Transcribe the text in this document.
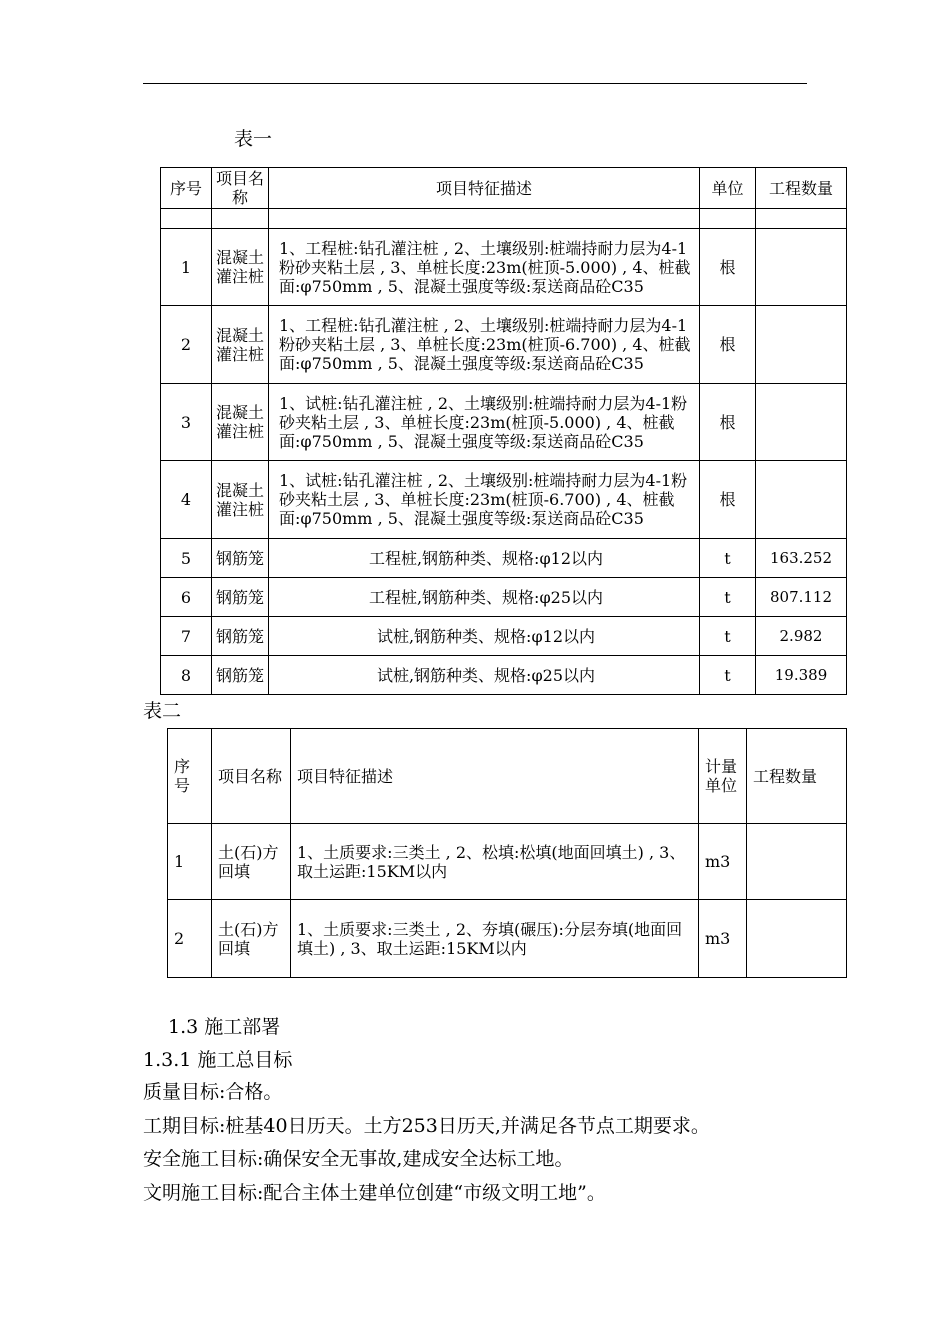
表一
序号	项目名称	项目特征描述	单位	工程数量

1	混凝土灌注桩	1、工程桩:钻孔灌注桩 , 2、土壤级别:桩端持耐力层为4-1粉砂夹粘土层 , 3、单桩长度:23m(桩顶-5.000) , 4、桩截面:φ750mm , 5、混凝土强度等级:泵送商品砼C35	根	
2	混凝土灌注桩	1、工程桩:钻孔灌注桩 , 2、土壤级别:桩端持耐力层为4-1粉砂夹粘土层 , 3、单桩长度:23m(桩顶-6.700) , 4、桩截面:φ750mm , 5、混凝土强度等级:泵送商品砼C35	根	
3	混凝土灌注桩	1、试桩:钻孔灌注桩 , 2、土壤级别:桩端持耐力层为4-1粉砂夹粘土层 , 3、单桩长度:23m(桩顶-5.000) , 4、桩截面:φ750mm , 5、混凝土强度等级:泵送商品砼C35	根	
4	混凝土灌注桩	1、试桩:钻孔灌注桩 , 2、土壤级别:桩端持耐力层为4-1粉砂夹粘土层 , 3、单桩长度:23m(桩顶-6.700) , 4、桩截面:φ750mm , 5、混凝土强度等级:泵送商品砼C35	根	
5	钢筋笼	工程桩,钢筋种类、规格:φ12以内	t	163.252
6	钢筋笼	工程桩,钢筋种类、规格:φ25以内	t	807.112
7	钢筋笼	试桩,钢筋种类、规格:φ12以内	t	2.982
8	钢筋笼	试桩,钢筋种类、规格:φ25以内	t	19.389
表二
序号	项目名称	项目特征描述	计量单位	工程数量
1	土(石)方回填	1、土质要求:三类土 , 2、松填:松填(地面回填土) , 3、取土运距:15KM以内	m3	
2	土(石)方回填	1、土质要求:三类土 , 2、夯填(碾压):分层夯填(地面回填土) , 3、取土运距:15KM以内	m3	
1.3 施工部署
1.3.1 施工总目标
质量目标:合格。
工期目标:桩基40日历天。土方253日历天,并满足各节点工期要求。
安全施工目标:确保安全无事故,建成安全达标工地。
文明施工目标:配合主体土建单位创建“市级文明工地”。
